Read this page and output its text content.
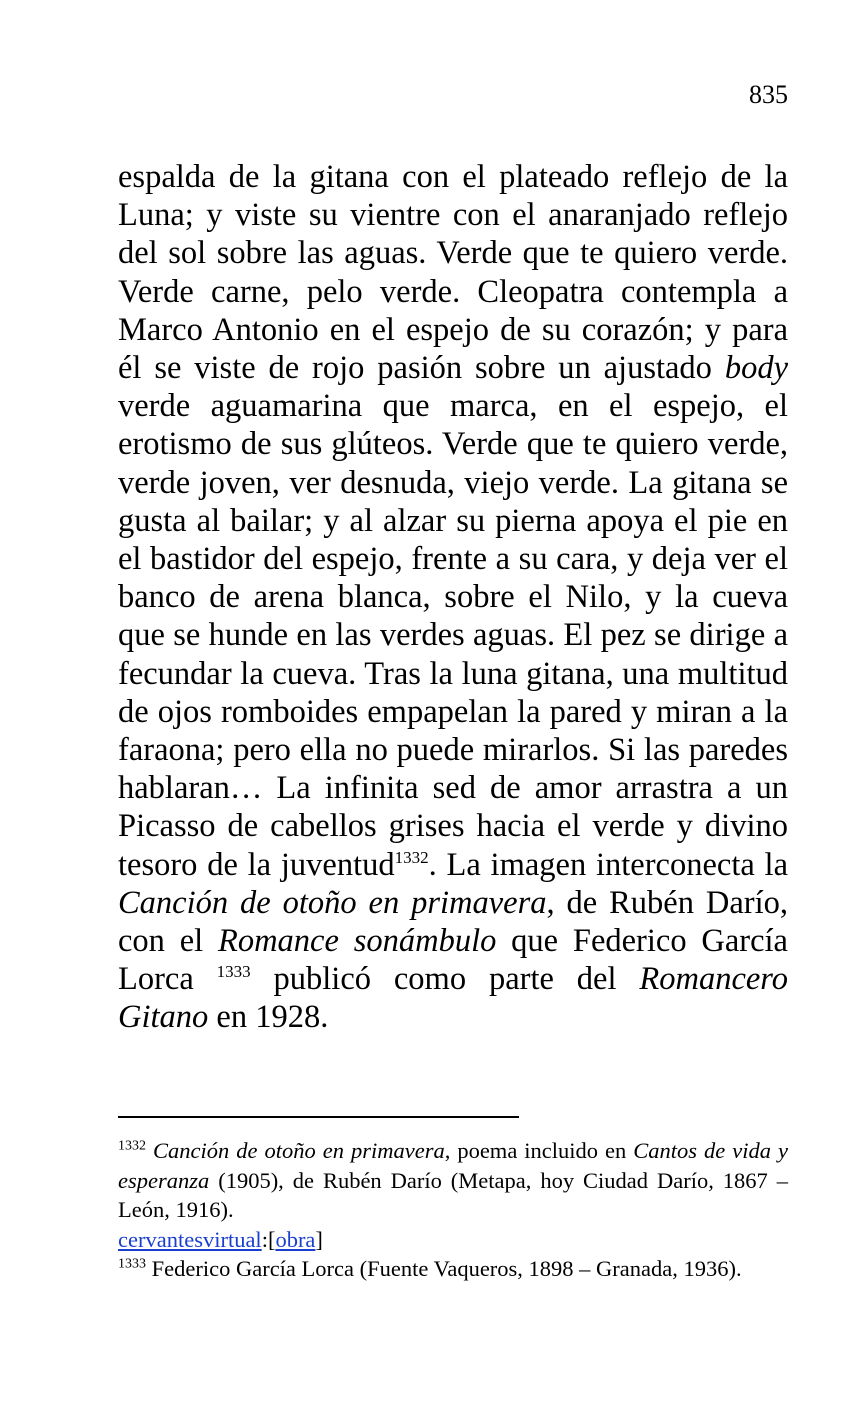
835

espalda de la gitana con el plateado reflejo de la Luna; y viste su vientre con el anaranjado reflejo del sol sobre las aguas. Verde que te quiero verde. Verde carne, pelo verde. Cleopatra contempla a Marco Antonio en el espejo de su corazón; y para él se viste de rojo pasión sobre un ajustado body verde aguamarina que marca, en el espejo, el erotismo de sus glúteos. Verde que te quiero verde, verde joven, ver desnuda, viejo verde. La gitana se gusta al bailar; y al alzar su pierna apoya el pie en el bastidor del espejo, frente a su cara, y deja ver el banco de arena blanca, sobre el Nilo, y la cueva que se hunde en las verdes aguas. El pez se dirige a fecundar la cueva. Tras la luna gitana, una multitud de ojos romboides empapelan la pared y miran a la faraona; pero ella no puede mirarlos. Si las paredes hablaran… La infinita sed de amor arrastra a un Picasso de cabellos grises hacia el verde y divino tesoro de la juventud$^{1332}$. La imagen interconecta la Canción de otoño en primavera, de Rubén Darío, con el Romance sonámbulo que Federico García Lorca $^{1333}$ publicó como parte del Romancero Gitano en 1928.

$^{1332}$ Canción de otoño en primavera, poema incluido en Cantos de vida y esperanza (1905), de Rubén Darío (Metapa, hoy Ciudad Darío, 1867 – León, 1916).
cervantesvirtual:[obra]

$^{1333}$ Federico García Lorca (Fuente Vaqueros, 1898 – Granada, 1936).
